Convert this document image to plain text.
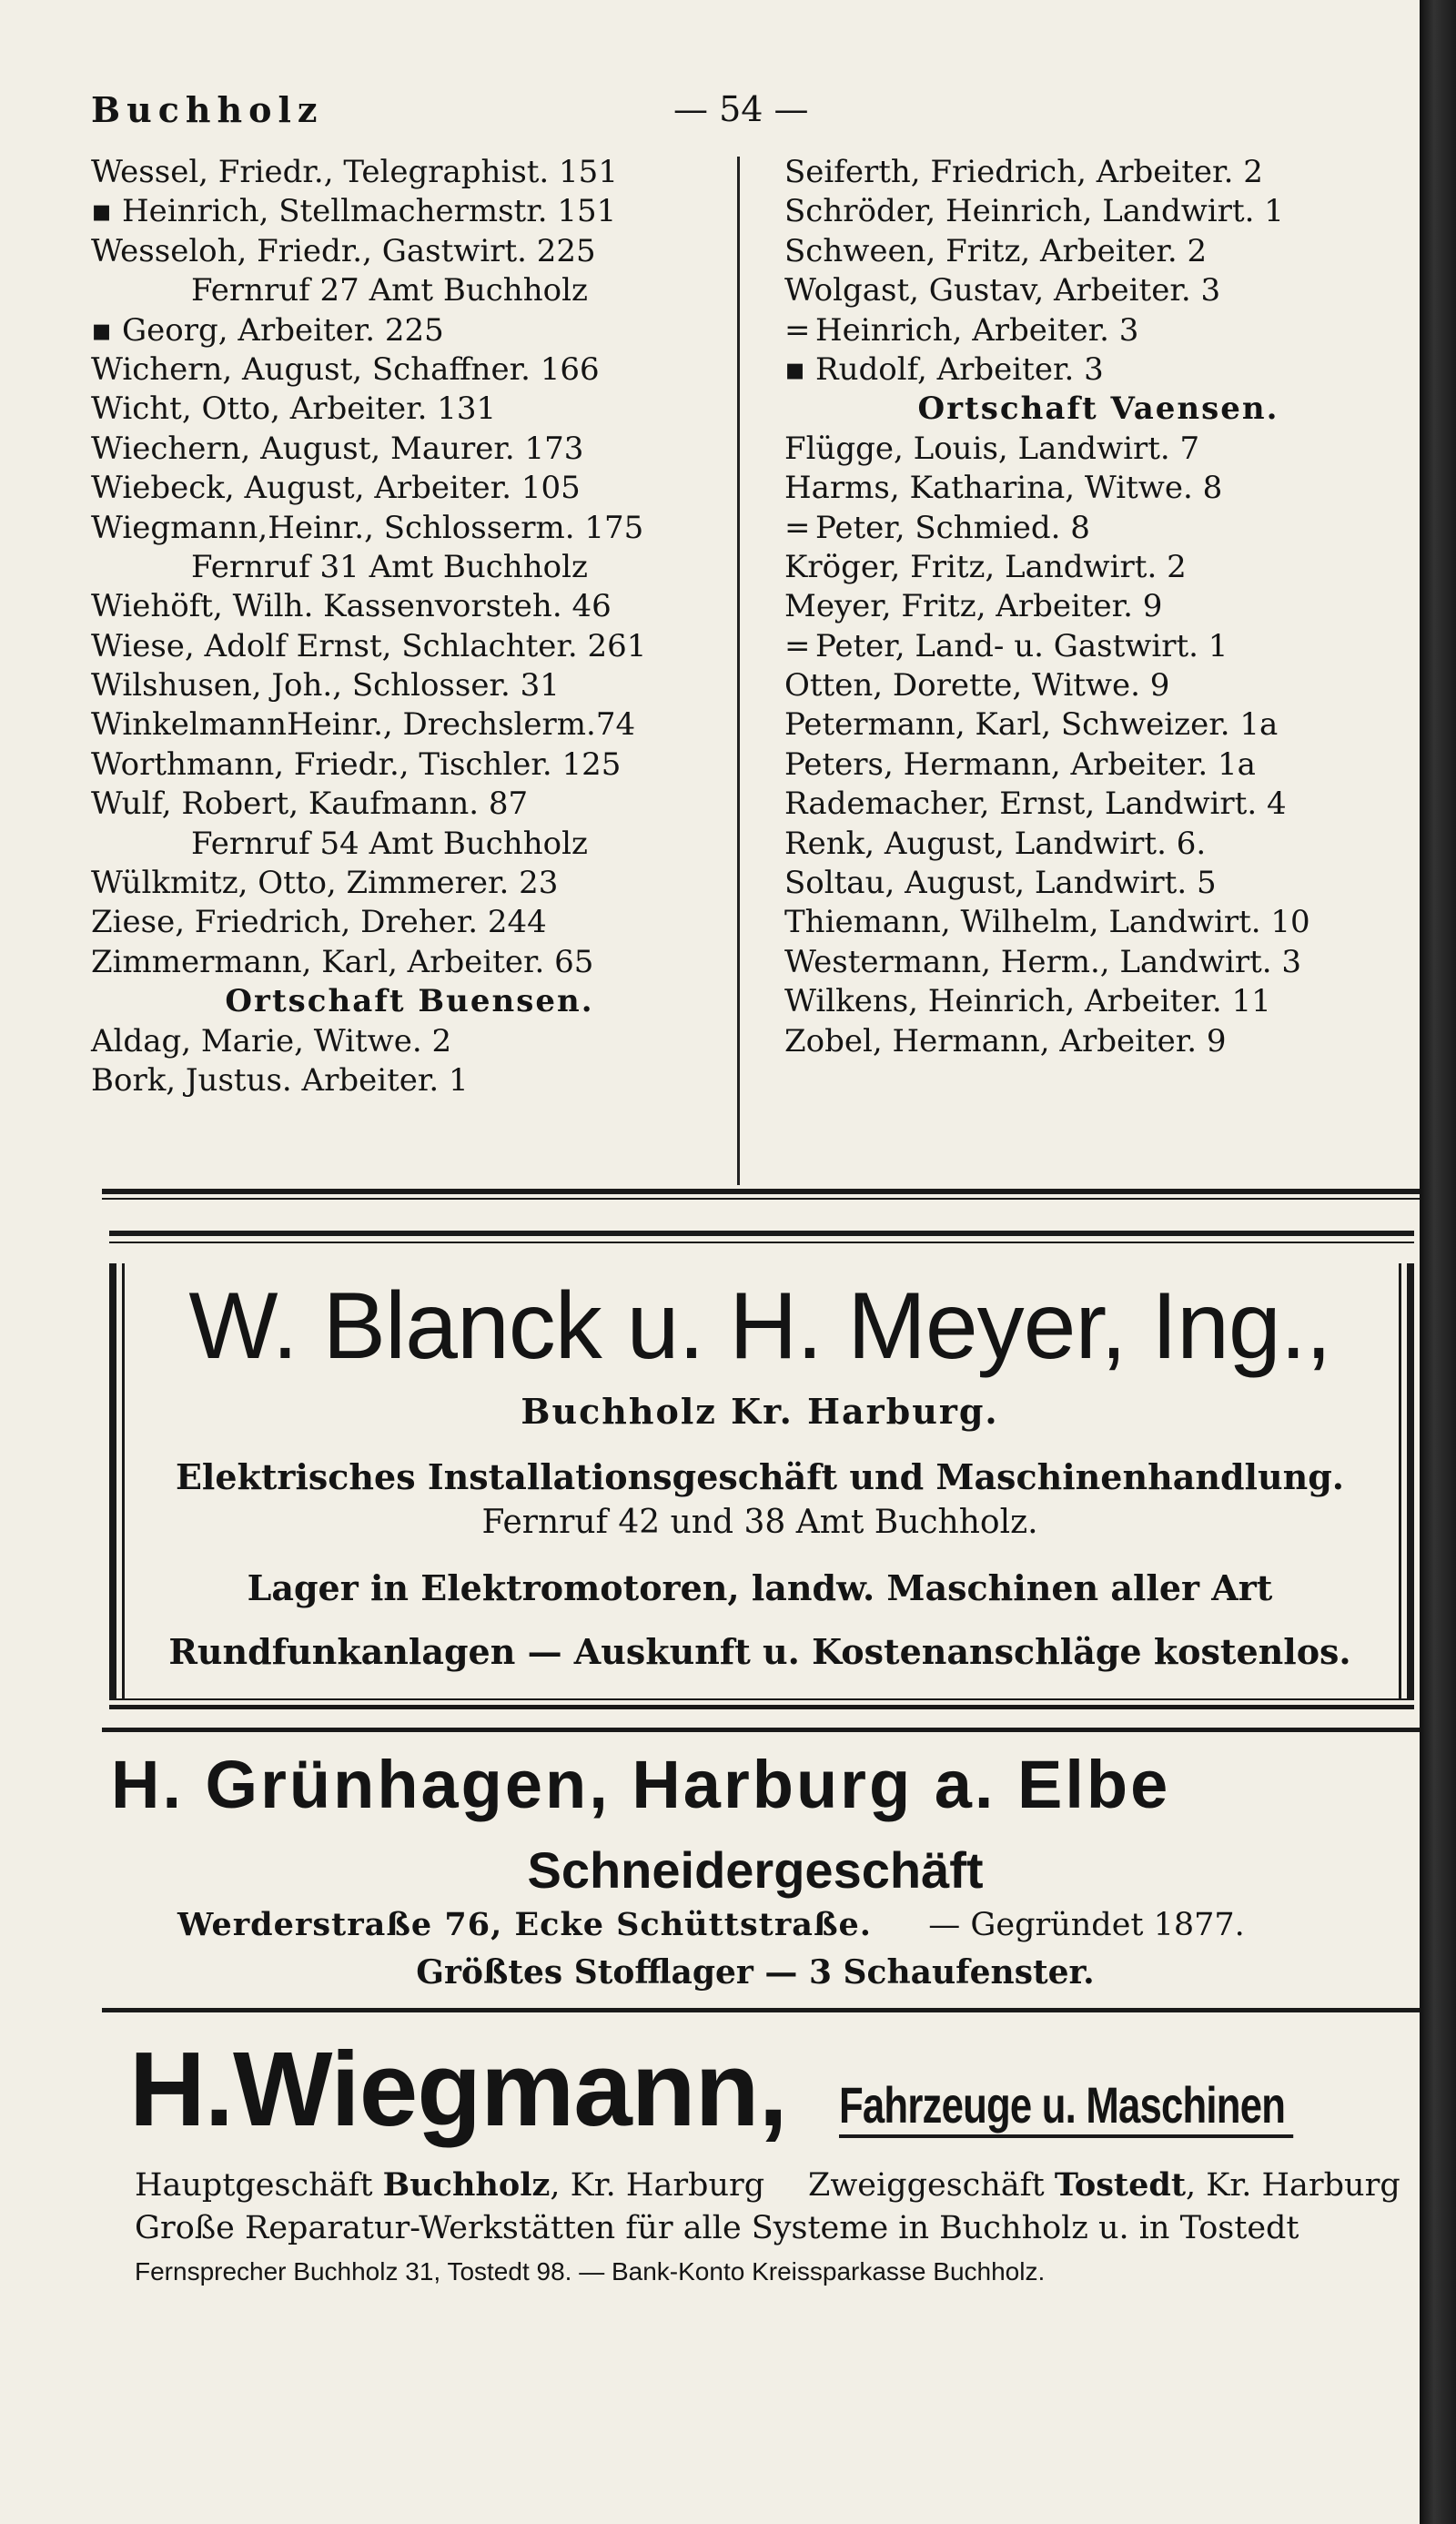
Buchholz	— 54 —
Wessel, Friedr., Telegraphist. 151
▪ Heinrich, Stellmachermstr. 151
Wesseloh, Friedr., Gastwirt. 225
Fernruf 27 Amt Buchholz
▪ Georg, Arbeiter. 225
Wichern, August, Schaffner. 166
Wicht, Otto, Arbeiter. 131
Wiechern, August, Maurer. 173
Wiebeck, August, Arbeiter. 105
Wiegmann,Heinr., Schlosserm. 175
Fernruf 31 Amt Buchholz
Wiehöft, Wilh. Kassenvorsteh. 46
Wiese, Adolf Ernst, Schlachter. 261
Wilshusen, Joh., Schlosser. 31
WinkelmannHeinr., Drechslerm.74
Worthmann, Friedr., Tischler. 125
Wulf, Robert, Kaufmann. 87
Fernruf 54 Amt Buchholz
Wülkmitz, Otto, Zimmerer. 23
Ziese, Friedrich, Dreher. 244
Zimmermann, Karl, Arbeiter. 65
Ortschaft Buensen.
Aldag, Marie, Witwe. 2
Bork, Justus. Arbeiter. 1
Seiferth, Friedrich, Arbeiter. 2
Schröder, Heinrich, Landwirt. 1
Schween, Fritz, Arbeiter. 2
Wolgast, Gustav, Arbeiter. 3
= Heinrich, Arbeiter. 3
▪ Rudolf, Arbeiter. 3
Ortschaft Vaensen.
Flügge, Louis, Landwirt. 7
Harms, Katharina, Witwe. 8
= Peter, Schmied. 8
Kröger, Fritz, Landwirt. 2
Meyer, Fritz, Arbeiter. 9
= Peter, Land- u. Gastwirt. 1
Otten, Dorette, Witwe. 9
Petermann, Karl, Schweizer. 1a
Peters, Hermann, Arbeiter. 1a
Rademacher, Ernst, Landwirt. 4
Renk, August, Landwirt. 6.
Soltau, August, Landwirt. 5
Thiemann, Wilhelm, Landwirt. 10
Westermann, Herm., Landwirt. 3
Wilkens, Heinrich, Arbeiter. 11
Zobel, Hermann, Arbeiter. 9
W. Blanck u. H. Meyer, Ing.,
Buchholz Kr. Harburg.
Elektrisches Installationsgeschäft und Maschinenhandlung.
Fernruf 42 und 38 Amt Buchholz.
Lager in Elektromotoren, landw. Maschinen aller Art
Rundfunkanlagen — Auskunft u. Kostenanschläge kostenlos.
H. Grünhagen, Harburg a. Elbe
Schneidergeschäft
Werderstraße 76, Ecke Schüttstraße. — Gegründet 1877.
Größtes Stofflager — 3 Schaufenster.
H.Wiegmann, Fahrzeuge u. Maschinen
Hauptgeschäft Buchholz, Kr. Harburg Zweiggeschäft Tostedt, Kr. Harburg
Große Reparatur-Werkstätten für alle Systeme in Buchholz u. in Tostedt
Fernsprecher Buchholz 31, Tostedt 98. — Bank-Konto Kreissparkasse Buchholz.
